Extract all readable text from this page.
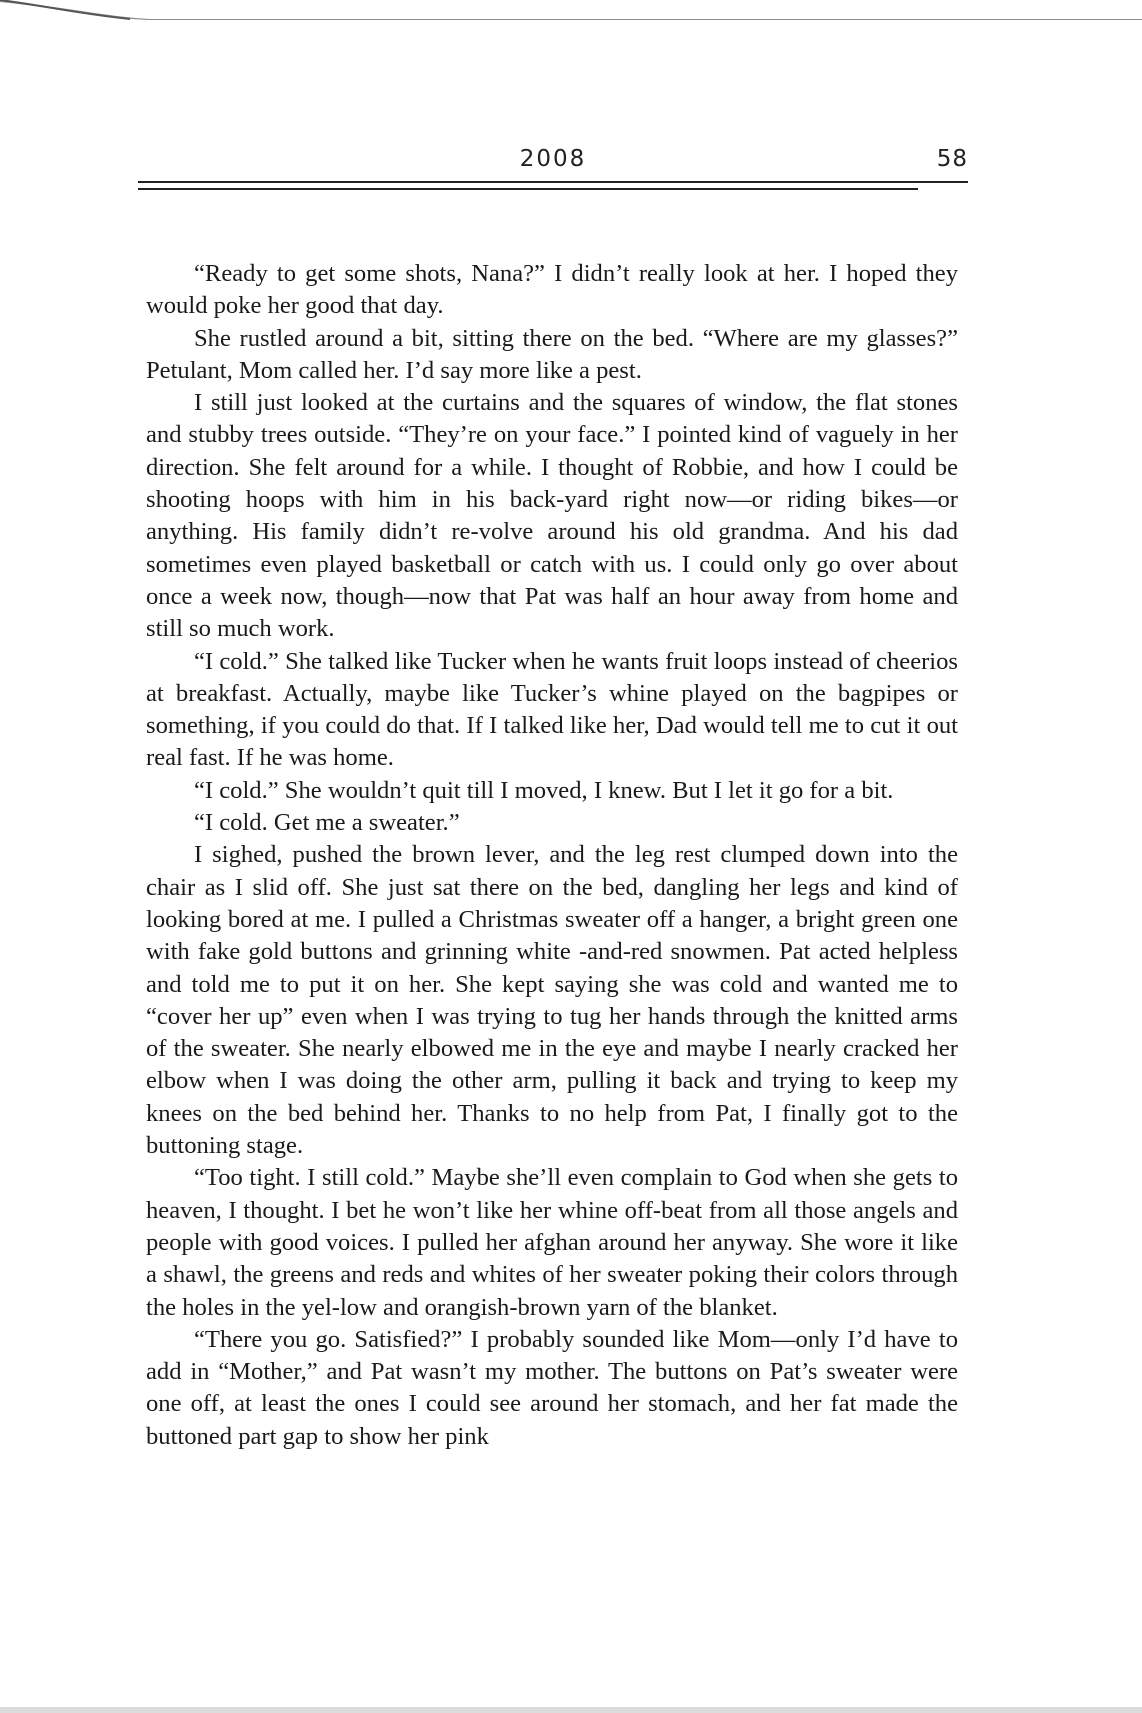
2008	58

“Ready to get some shots, Nana?” I didn’t really look at her. I hoped they would poke her good that day.

She rustled around a bit, sitting there on the bed. “Where are my glasses?” Petulant, Mom called her. I’d say more like a pest.

I still just looked at the curtains and the squares of window, the flat stones and stubby trees outside. “They’re on your face.” I pointed kind of vaguely in her direction. She felt around for a while. I thought of Robbie, and how I could be shooting hoops with him in his back-yard right now—or riding bikes—or anything. His family didn’t re-volve around his old grandma. And his dad sometimes even played basketball or catch with us. I could only go over about once a week now, though—now that Pat was half an hour away from home and still so much work.

“I cold.” She talked like Tucker when he wants fruit loops instead of cheerios at breakfast. Actually, maybe like Tucker’s whine played on the bagpipes or something, if you could do that. If I talked like her, Dad would tell me to cut it out real fast. If he was home.

“I cold.” She wouldn’t quit till I moved, I knew. But I let it go for a bit.

“I cold. Get me a sweater.”

I sighed, pushed the brown lever, and the leg rest clumped down into the chair as I slid off. She just sat there on the bed, dangling her legs and kind of looking bored at me. I pulled a Christmas sweater off a hanger, a bright green one with fake gold buttons and grinning white -and-red snowmen. Pat acted helpless and told me to put it on her. She kept saying she was cold and wanted me to “cover her up” even when I was trying to tug her hands through the knitted arms of the sweater. She nearly elbowed me in the eye and maybe I nearly cracked her elbow when I was doing the other arm, pulling it back and trying to keep my knees on the bed behind her. Thanks to no help from Pat, I finally got to the buttoning stage.

“Too tight. I still cold.” Maybe she’ll even complain to God when she gets to heaven, I thought. I bet he won’t like her whine off-beat from all those angels and people with good voices. I pulled her afghan around her anyway. She wore it like a shawl, the greens and reds and whites of her sweater poking their colors through the holes in the yel-low and orangish-brown yarn of the blanket.

“There you go. Satisfied?” I probably sounded like Mom—only I’d have to add in “Mother,” and Pat wasn’t my mother. The buttons on Pat’s sweater were one off, at least the ones I could see around her stomach, and her fat made the buttoned part gap to show her pink
